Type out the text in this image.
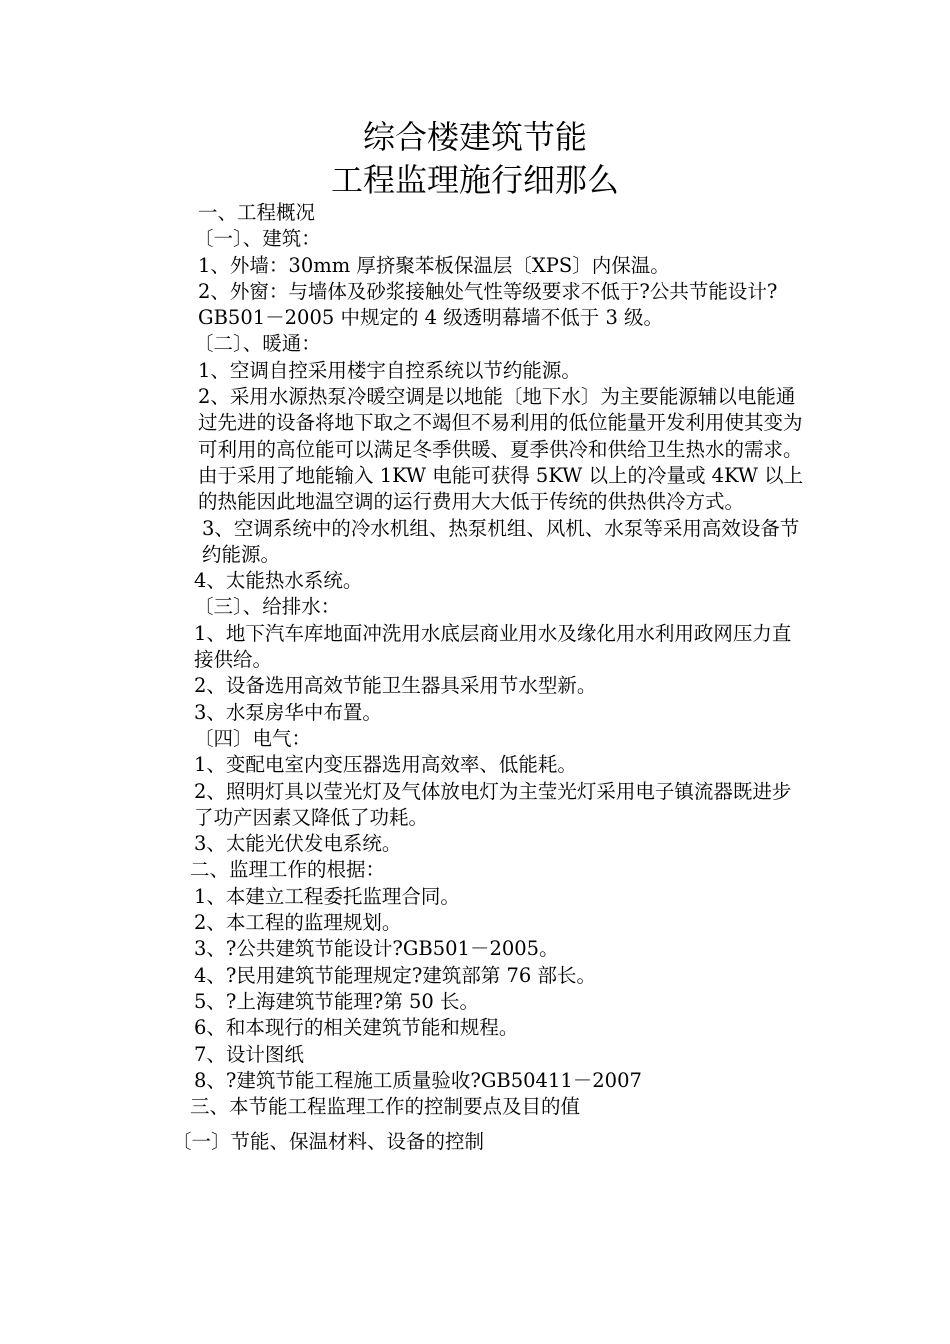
综合楼建筑节能
工程监理施行细那么
一、工程概况
〔一〕、建筑：
1、外墙：30mm 厚挤聚苯板保温层〔XPS〕内保温。
2、外窗：与墙体及砂浆接触处气性等级要求不低于?公共节能设计?GB501－2005 中规定的 4 级透明幕墙不低于 3 级。
〔二〕、暖通：
1、空调自控采用楼宇自控系统以节约能源。
2、采用水源热泵冷暖空调是以地能〔地下水〕为主要能源辅以电能通过先进的设备将地下取之不竭但不易利用的低位能量开发利用使其变为可利用的高位能可以满足冬季供暖、夏季供冷和供给卫生热水的需求。由于采用了地能输入 1KW 电能可获得 5KW 以上的冷量或 4KW 以上的热能因此地温空调的运行费用大大低于传统的供热供冷方式。
3、空调系统中的冷水机组、热泵机组、风机、水泵等采用高效设备节约能源。
4、太能热水系统。
〔三〕、给排水：
1、地下汽车库地面冲洗用水底层商业用水及缘化用水利用政网压力直接供给。
2、设备选用高效节能卫生器具采用节水型新。
3、水泵房华中布置。
〔四〕电气：
1、变配电室内变压器选用高效率、低能耗。
2、照明灯具以莹光灯及气体放电灯为主莹光灯采用电子镇流器既进步了功产因素又降低了功耗。
3、太能光伏发电系统。
二、监理工作的根据：
1、本建立工程委托监理合同。
2、本工程的监理规划。
3、?公共建筑节能设计?GB501－2005。
4、?民用建筑节能理规定?建筑部第 76 部长。
5、?上海建筑节能理?第 50 长。
6、和本现行的相关建筑节能和规程。
7、设计图纸
8、?建筑节能工程施工质量验收?GB50411－2007
三、本节能工程监理工作的控制要点及目的值
〔一〕节能、保温材料、设备的控制
